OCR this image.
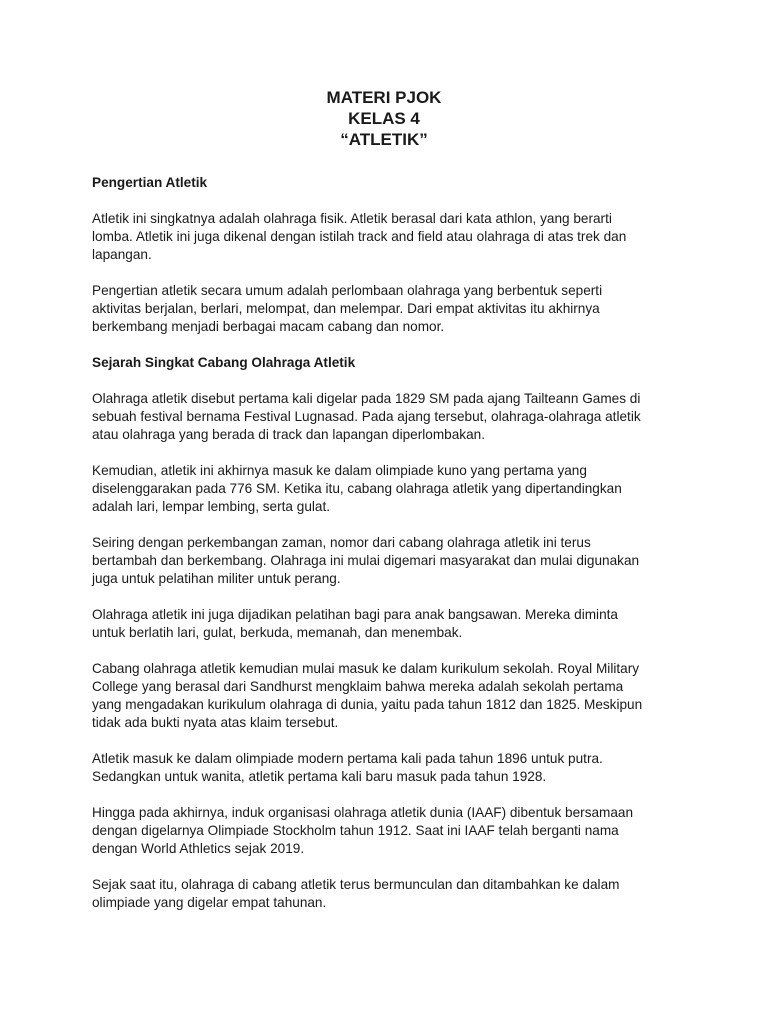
MATERI PJOK
KELAS 4
“ATLETIK”
Pengertian Atletik
Atletik ini singkatnya adalah olahraga fisik. Atletik berasal dari kata athlon, yang berarti
lomba. Atletik ini juga dikenal dengan istilah track and field atau olahraga di atas trek dan
lapangan.
Pengertian atletik secara umum adalah perlombaan olahraga yang berbentuk seperti
aktivitas berjalan, berlari, melompat, dan melempar. Dari empat aktivitas itu akhirnya
berkembang menjadi berbagai macam cabang dan nomor.
Sejarah Singkat Cabang Olahraga Atletik
Olahraga atletik disebut pertama kali digelar pada 1829 SM pada ajang Tailteann Games di
sebuah festival bernama Festival Lugnasad. Pada ajang tersebut, olahraga-olahraga atletik
atau olahraga yang berada di track dan lapangan diperlombakan.
Kemudian, atletik ini akhirnya masuk ke dalam olimpiade kuno yang pertama yang
diselenggarakan pada 776 SM. Ketika itu, cabang olahraga atletik yang dipertandingkan
adalah lari, lempar lembing, serta gulat.
Seiring dengan perkembangan zaman, nomor dari cabang olahraga atletik ini terus
bertambah dan berkembang. Olahraga ini mulai digemari masyarakat dan mulai digunakan
juga untuk pelatihan militer untuk perang.
Olahraga atletik ini juga dijadikan pelatihan bagi para anak bangsawan. Mereka diminta
untuk berlatih lari, gulat, berkuda, memanah, dan menembak.
Cabang olahraga atletik kemudian mulai masuk ke dalam kurikulum sekolah. Royal Military
College yang berasal dari Sandhurst mengklaim bahwa mereka adalah sekolah pertama
yang mengadakan kurikulum olahraga di dunia, yaitu pada tahun 1812 dan 1825. Meskipun
tidak ada bukti nyata atas klaim tersebut.
Atletik masuk ke dalam olimpiade modern pertama kali pada tahun 1896 untuk putra.
Sedangkan untuk wanita, atletik pertama kali baru masuk pada tahun 1928.
Hingga pada akhirnya, induk organisasi olahraga atletik dunia (IAAF) dibentuk bersamaan
dengan digelarnya Olimpiade Stockholm tahun 1912. Saat ini IAAF telah berganti nama
dengan World Athletics sejak 2019.
Sejak saat itu, olahraga di cabang atletik terus bermunculan dan ditambahkan ke dalam
olimpiade yang digelar empat tahunan.
